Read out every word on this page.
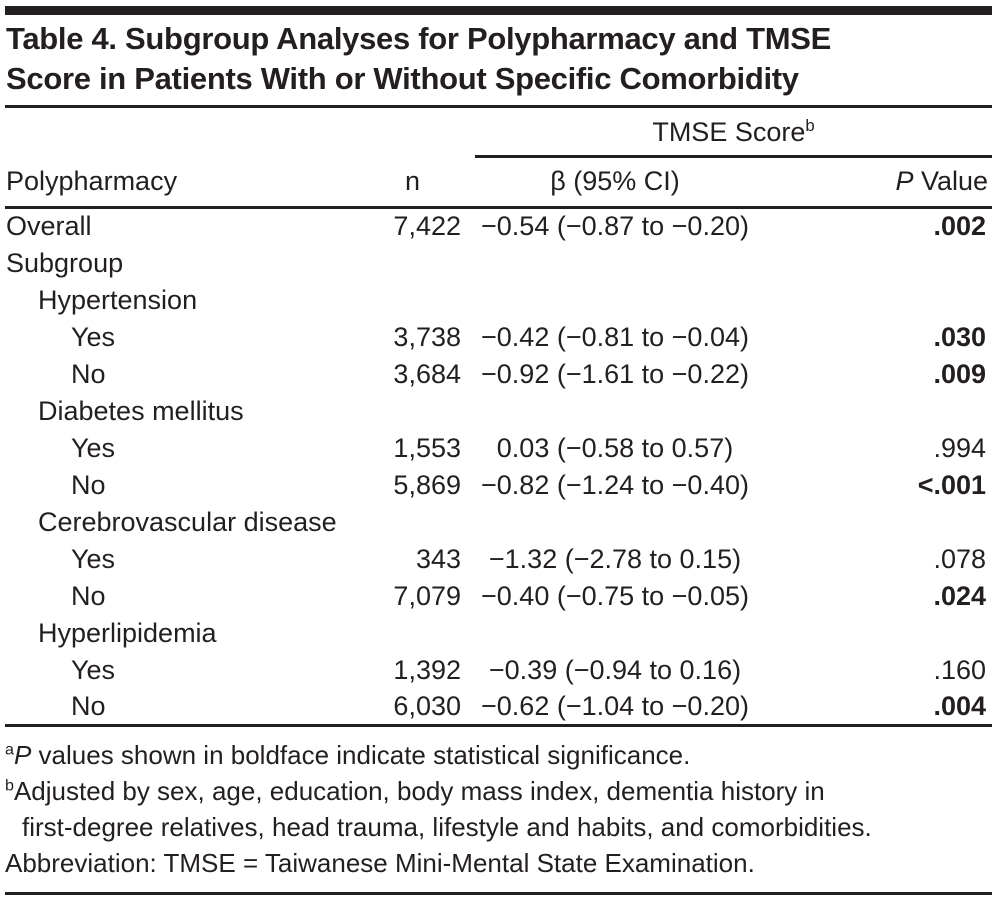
Table 4. Subgroup Analyses for Polypharmacy and TMSE
Score in Patients With or Without Specific Comorbidity
		TMSE Score$^b$
Polypharmacy	n	β (95% CI)	P Value
Overall	7,422	−0.54 (−0.87 to −0.20)	.002
Subgroup			
Hypertension			
Yes	3,738	−0.42 (−0.81 to −0.04)	.030
No	3,684	−0.92 (−1.61 to −0.22)	.009
Diabetes mellitus			
Yes	1,553	0.03 (−0.58 to 0.57)	.994
No	5,869	−0.82 (−1.24 to −0.40)	<.001
Cerebrovascular disease			
Yes	343	−1.32 (−2.78 to 0.15)	.078
No	7,079	−0.40 (−0.75 to −0.05)	.024
Hyperlipidemia			
Yes	1,392	−0.39 (−0.94 to 0.16)	.160
No	6,030	−0.62 (−1.04 to −0.20)	.004

$^a$P values shown in boldface indicate statistical significance.

$^b$Adjusted by sex, age, education, body mass index, dementia history in
first-degree relatives, head trauma, lifestyle and habits, and comorbidities.

Abbreviation: TMSE = Taiwanese Mini-Mental State Examination.
